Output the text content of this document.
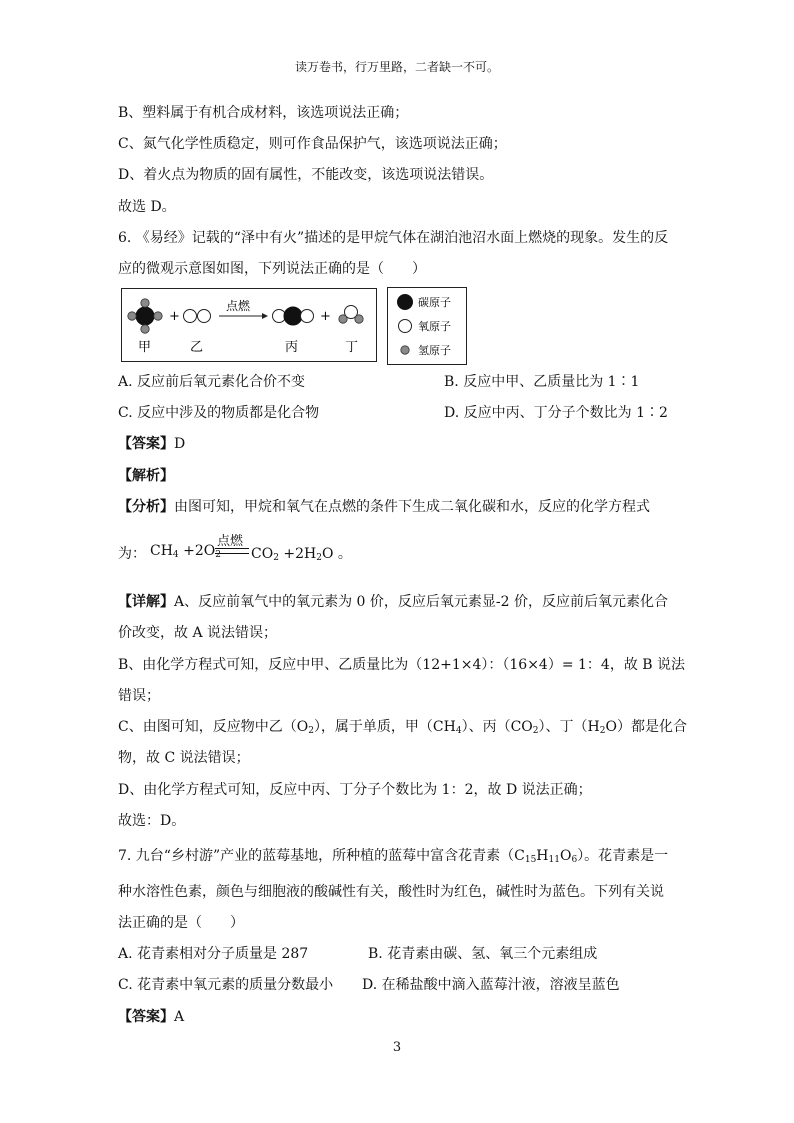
读万卷书，行万里路，二者缺一不可。
B、塑料属于有机合成材料，该选项说法正确；
C、氮气化学性质稳定，则可作食品保护气，该选项说法正确；
D、着火点为物质的固有属性，不能改变，该选项说法错误。
故选 D。
6. 《易经》记载的“泽中有火”描述的是甲烷气体在湖泊池沼水面上燃烧的现象。发生的反
应的微观示意图如图，下列说法正确的是（　　）
+
点燃
+
甲	乙	丙	丁
碳原子
氧原子
氢原子
A. 反应前后氧元素化合价不变	B. 反应中甲、乙质量比为 1∶1
C. 反应中涉及的物质都是化合物	D. 反应中丙、丁分子个数比为 1∶2
【答案】D
【解析】
【分析】由图可知，甲烷和氧气在点燃的条件下生成二氧化碳和水，反应的化学方程式
为： $CH_4 +2O_2$
点燃
$CO_2 +2H_2O$ 。
【详解】A、反应前氧气中的氧元素为 0 价，反应后氧元素显-2 价，反应前后氧元素化合
价改变，故 A 说法错误；
B、由化学方程式可知，反应中甲、乙质量比为（12+1×4）：（16×4）= 1：4，故 B 说法
错误；
C、由图可知，反应物中乙$(O_2)$，属于单质，甲$(CH_4)$、丙$(CO_2)$、丁$(H_2O)$都是化合
物，故 C 说法错误；
D、由化学方程式可知，反应中丙、丁分子个数比为 1：2，故 D 说法正确；
故选：D。
7. 九台“乡村游”产业的蓝莓基地，所种植的蓝莓中富含花青素$(C_{15}H_{11}O_6)$。花青素是一
种水溶性色素，颜色与细胞液的酸碱性有关，酸性时为红色，碱性时为蓝色。下列有关说
法正确的是（　　）
A. 花青素相对分子质量是 287	B. 花青素由碳、氢、氧三个元素组成
C. 花青素中氧元素的质量分数最小 D. 在稀盐酸中滴入蓝莓汁液，溶液呈蓝色
【答案】A
3
